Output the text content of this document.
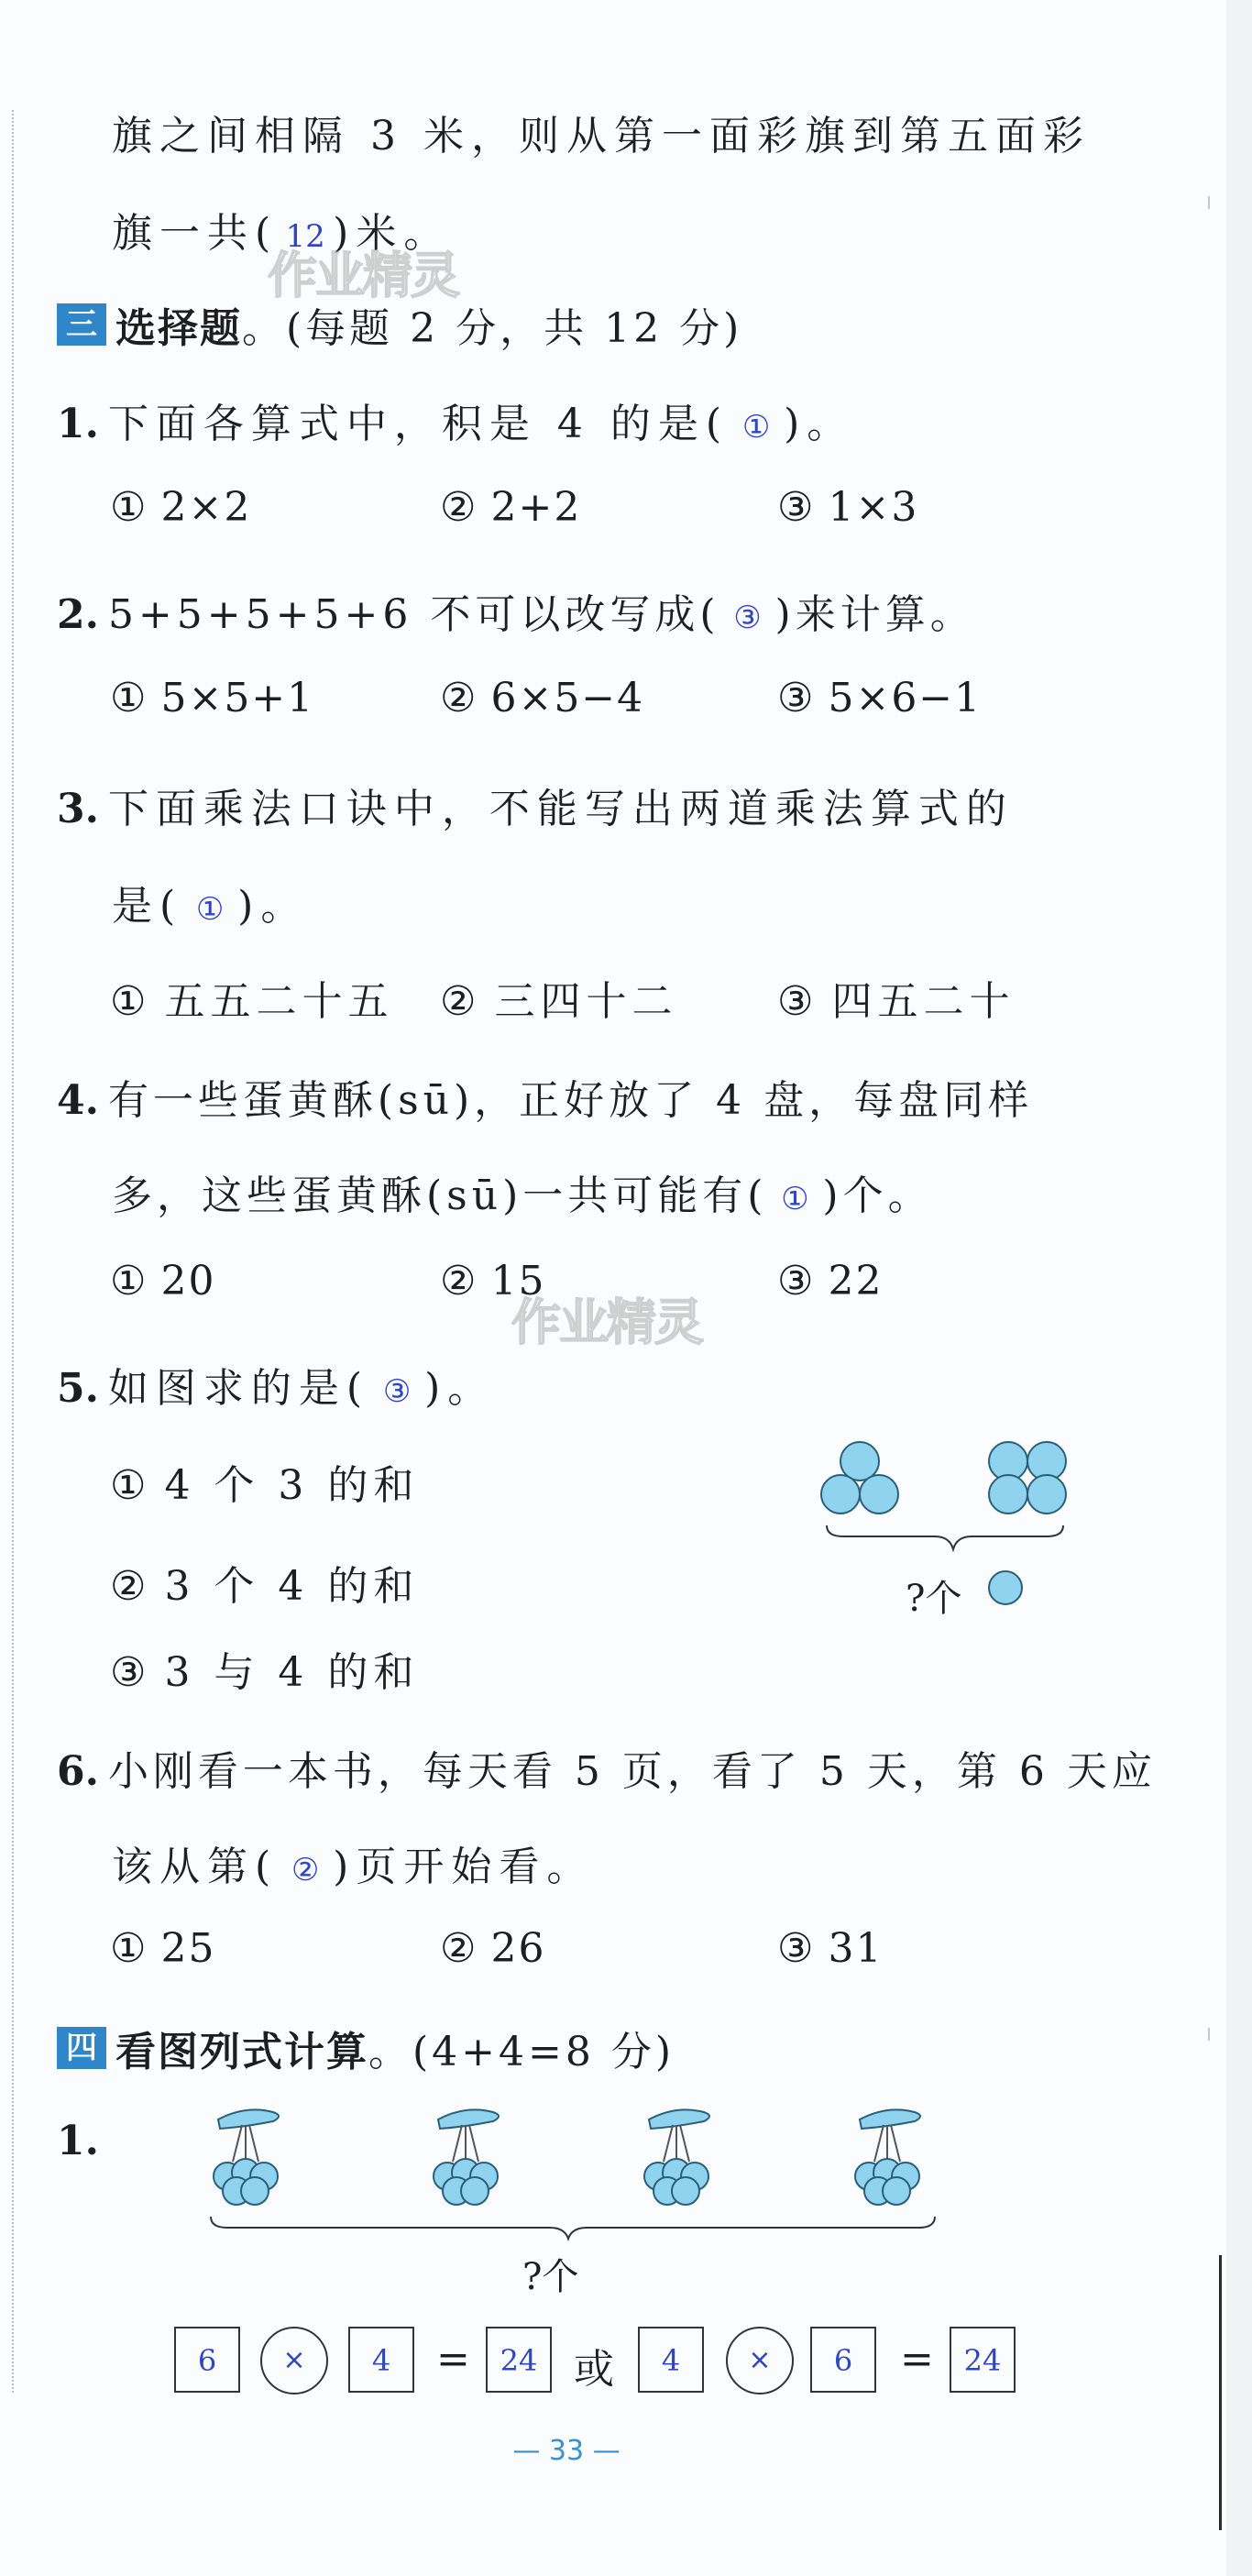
旗之间相隔 3 米，则从第一面彩旗到第五面彩
旗一共( 12 )米。
作业精灵
三 选择题 。(每题 2 分，共 12 分)
1. 下面各算式中，积是 4 的是( ① )。
① 2×2	② 2+2	③ 1×3
2. 5+5+5+5+6 不可以改写成( ③ )来计算。
① 5×5+1	② 6×5−4	③ 5×6−1
3. 下面乘法口诀中，不能写出两道乘法算式的
是( ① )。
① 五五二十五 ② 三四十二 ③ 四五二十
4. 有一些蛋黄酥(sū)，正好放了 4 盘，每盘同样
多，这些蛋黄酥(sū)一共可能有( ① )个。
① 20	② 15	③ 22
作业精灵
5. 如图求的是( ③ )。
① 4 个 3 的和
② 3 个 4 的和
③ 3 与 4 的和
?个
6. 小刚看一本书，每天看 5 页，看了 5 天，第 6 天应
该从第( ② )页开始看。
① 25	② 26	③ 31
四 看图列式计算 。(4+4=8 分)
1.
?个
6	×	4	=	24 或	4	×	6	=	24
— 33 —
